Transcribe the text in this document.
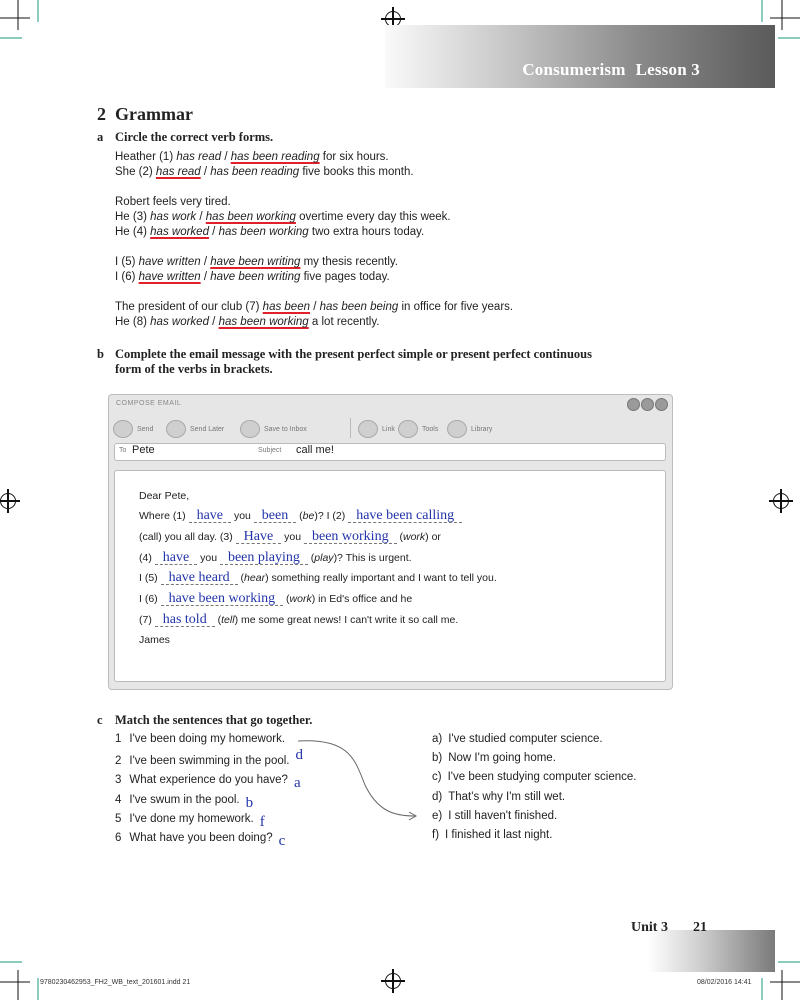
Consumerism Lesson 3
2 Grammar
a Circle the correct verb forms.
Heather (1) has read / has been reading for six hours.
She (2) has read / has been reading five books this month.
Robert feels very tired.
He (3) has work / has been working overtime every day this week.
He (4) has worked / has been working two extra hours today.
I (5) have written / have been writing my thesis recently.
I (6) have written / have been writing five pages today.
The president of our club (7) has been / has been being in office for five years.
He (8) has worked / has been working a lot recently.
b Complete the email message with the present perfect simple or present perfect continuous
form of the verbs in brackets.
COMPOSE EMAIL
Send	Send Later	Save to Inbox	Link	Tools	Library
To Pete	Subject call me!
Dear Pete,
Where (1) have you been (be)? I (2) have been calling
(call) you all day. (3) Have you been working (work) or
(4) have you been playing (play)? This is urgent.
I (5) have heard (hear) something really important and I want to tell you.
I (6) have been working (work) in Ed's office and he
(7) has told (tell) me some great news! I can't write it so call me.
James
c Match the sentences that go together.
1 I've been doing my homework.
2 I've been swimming in the pool. d
3 What experience do you have? a
4 I've swum in the pool. b
5 I've done my homework. f
6 What have you been doing? c
a) I've studied computer science.
b) Now I'm going home.
c) I've been studying computer science.
d) That's why I'm still wet.
e) I still haven't finished.
f) I finished it last night.
Unit 3 21
9780230462953_FH2_WB_text_201601.indd 21	08/02/2016 14:41
